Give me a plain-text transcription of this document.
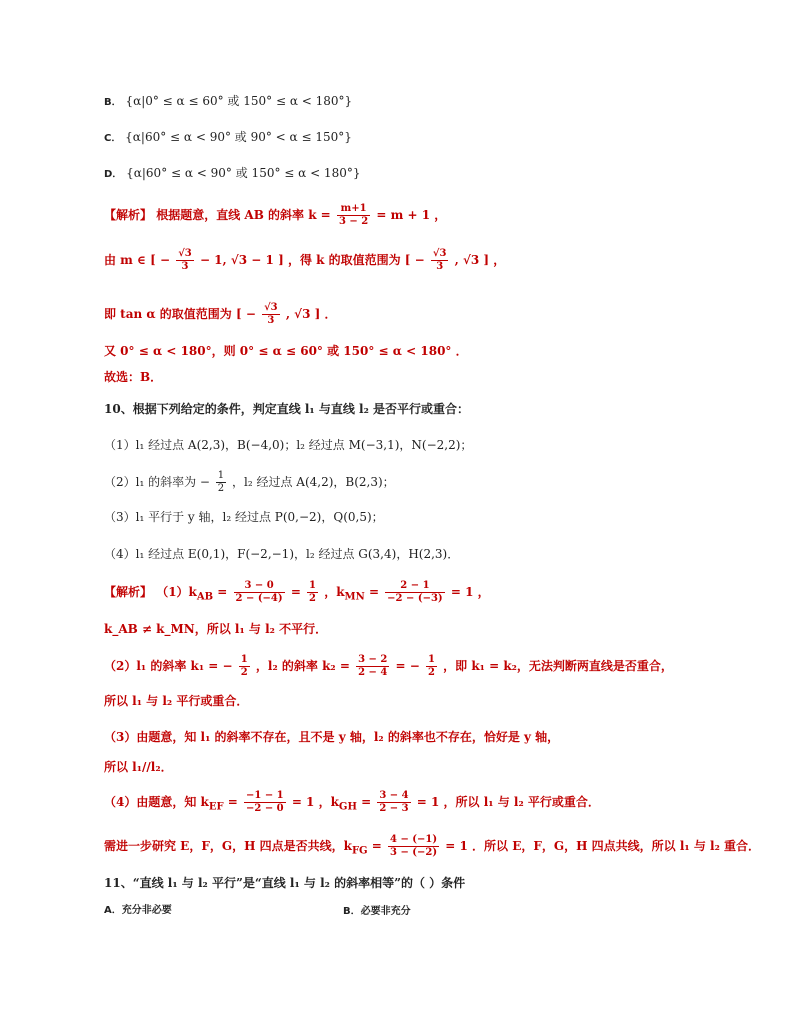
B． {α|0° ≤ α ≤ 60° 或 150° ≤ α < 180°}
C． {α|60° ≤ α < 90° 或 90° < α ≤ 150°}
D． {α|60° ≤ α < 90° 或 150° ≤ α < 180°}
【解析】 根据题意，直线 AB 的斜率 $k = \frac{m+1}{3 - 2} = m + 1$ ，
由 m ∈ [ − $\frac{√3}{3} - 1$, √3 − 1 ] ，得 k 的取值范围为 [ − $\frac{√3}{3}$ , √3 ] ，
即 tan α 的取值范围为 [ − $\frac{√3}{3}$ , √3 ] ．
又 0° ≤ α < 180°，则 0° ≤ α ≤ 60° 或 150° ≤ α < 180° ．
故选：B．
10、根据下列给定的条件，判定直线 l₁ 与直线 l₂ 是否平行或重合：
（1）l₁ 经过点 A(2,3)，B(−4,0)；l₂ 经过点 M(−3,1)，N(−2,2)；
（2）l₁ 的斜率为 − $\frac{1}{2}$ ，l₂ 经过点 A(4,2)，B(2,3)；
（3）l₁ 平行于 y 轴，l₂ 经过点 P(0,−2)，Q(0,5)；
（4）l₁ 经过点 E(0,1)，F(−2,−1)，l₂ 经过点 G(3,4)，H(2,3)．
【解析】 $(1)k_{AB} = \frac{3 - 0}{2 - (-4)} = \frac{1}{2}$ ，$k_{MN} = \frac{2 - 1}{-2 - (-3)} = 1$ ，
k_AB ≠ k_MN，所以 l₁ 与 l₂ 不平行．
（2）l₁ 的斜率 k₁ = − $\frac{1}{2}$ ，l₂ 的斜率 $k_2 = \frac{3 - 2}{2 - 4}$ = − $\frac{1}{2}$ ，即 k₁ = k₂，无法判断两直线是否重合，
所以 l₁ 与 l₂ 平行或重合．
（3）由题意，知 l₁ 的斜率不存在，且不是 y 轴，l₂ 的斜率也不存在，恰好是 y 轴，
所以 l₁//l₂．
（4）由题意，知 $k_{EF} = \frac{-1 - 1}{-2 - 0} = 1$ ，$k_{GH} = \frac{3 - 4}{2 - 3} = 1$ ，所以 l₁ 与 l₂ 平行或重合．
需进一步研究 E，F，G，H 四点是否共线，$k_{FG} = \frac{4 - (-1)}{3 - (-2)} = 1$ ．所以 E，F，G，H 四点共线，所以 l₁ 与 l₂ 重合．
11、“直线 l₁ 与 l₂ 平行”是“直线 l₁ 与 l₂ 的斜率相等”的（ ）条件
A．充分非必要	B．必要非充分
